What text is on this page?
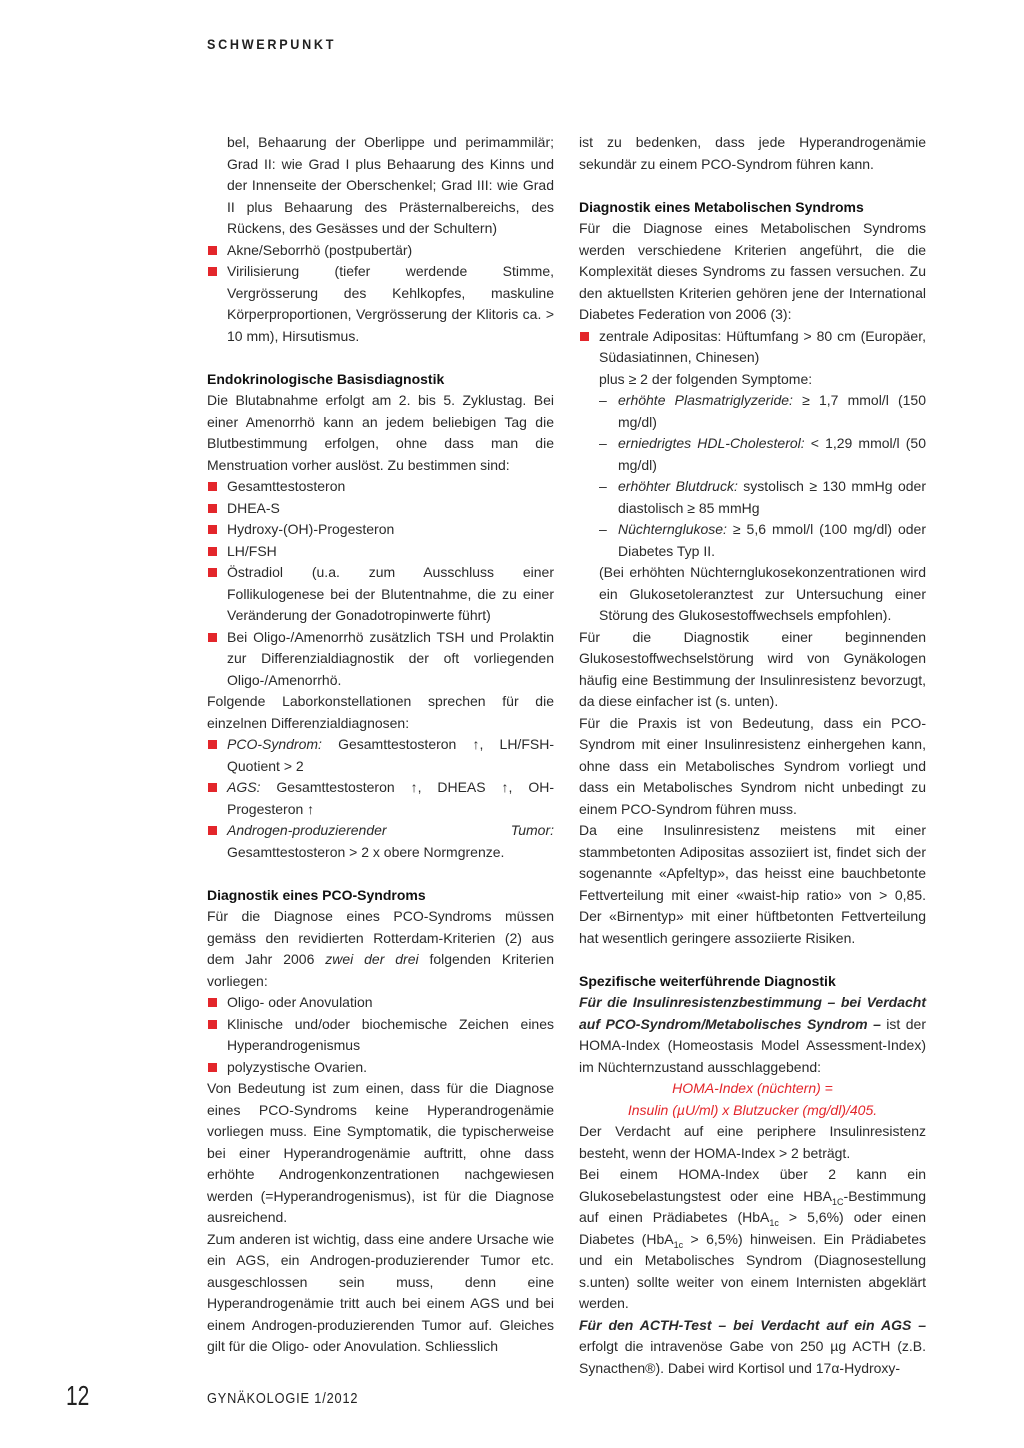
SCHWERPUNKT

bel, Behaarung der Oberlippe und perimammilär; Grad II: wie Grad I plus Behaarung des Kinns und der Innenseite der Oberschenkel; Grad III: wie Grad II plus Behaarung des Prästernalbereichs, des Rückens, des Gesässes und der Schultern)

Akne/Seborrhö (postpubertär)
Virilisierung (tiefer werdende Stimme, Vergrösserung des Kehlkopfes, maskuline Körperproportionen, Vergrösserung der Klitoris ca. > 10 mm), Hirsutismus.
Endokrinologische Basisdiagnostik

Die Blutabnahme erfolgt am 2. bis 5. Zyklustag. Bei einer Amenorrhö kann an jedem beliebigen Tag die Blutbestimmung erfolgen, ohne dass man die Menstruation vorher auslöst. Zu bestimmen sind:

Gesamttestosteron
DHEA-S
Hydroxy-(OH)-Progesteron
LH/FSH
Östradiol (u.a. zum Ausschluss einer Follikulogenese bei der Blutentnahme, die zu einer Veränderung der Gonadotropinwerte führt)
Bei Oligo-/Amenorrhö zusätzlich TSH und Prolaktin zur Differenzialdiagnostik der oft vorliegenden Oligo-/Amenorrhö.

Folgende Laborkonstellationen sprechen für die einzelnen Differenzialdiagnosen:

PCO-Syndrom: Gesamttestosteron ↑, LH/FSH-Quotient > 2
AGS: Gesamttestosteron ↑, DHEAS ↑, OH-Progesteron ↑
Androgen-produzierender Tumor: Gesamttestosteron > 2 x obere Normgrenze.
Diagnostik eines PCO-Syndroms

Für die Diagnose eines PCO-Syndroms müssen gemäss den revidierten Rotterdam-Kriterien (2) aus dem Jahr 2006 zwei der drei folgenden Kriterien vorliegen:

Oligo- oder Anovulation
Klinische und/oder biochemische Zeichen eines Hyperandrogenismus
polyzystische Ovarien.

Von Bedeutung ist zum einen, dass für die Diagnose eines PCO-Syndroms keine Hyperandrogenämie vorliegen muss. Eine Symptomatik, die typischerweise bei einer Hyperandrogenämie auftritt, ohne dass erhöhte Androgenkonzentrationen nachgewiesen werden (=Hyperandrogenismus), ist für die Diagnose ausreichend.

Zum anderen ist wichtig, dass eine andere Ursache wie ein AGS, ein Androgen-produzierender Tumor etc. ausgeschlossen sein muss, denn eine Hyperandrogenämie tritt auch bei einem AGS und bei einem Androgen-produzierenden Tumor auf. Gleiches gilt für die Oligo- oder Anovulation. Schliesslich

ist zu bedenken, dass jede Hyperandrogenämie sekundär zu einem PCO-Syndrom führen kann.

Diagnostik eines Metabolischen Syndroms

Für die Diagnose eines Metabolischen Syndroms werden verschiedene Kriterien angeführt, die die Komplexität dieses Syndroms zu fassen versuchen. Zu den aktuellsten Kriterien gehören jene der International Diabetes Federation von 2006 (3):

zentrale Adipositas: Hüftumfang > 80 cm (Europäer, Südasiatinnen, Chinesen)

plus ≥ 2 der folgenden Symptome:

– erhöhte Plasmatriglyzeride: ≥ 1,7 mmol/l (150 mg/dl)
– erniedrigtes HDL-Cholesterol: < 1,29 mmol/l (50 mg/dl)
– erhöhter Blutdruck: systolisch ≥ 130 mmHg oder diastolisch ≥ 85 mmHg
– Nüchternglukose: ≥ 5,6 mmol/l (100 mg/dl) oder Diabetes Typ II.

(Bei erhöhten Nüchternglukosekonzentrationen wird ein Glukosetoleranztest zur Untersuchung einer Störung des Glukosestoffwechsels empfohlen).

Für die Diagnostik einer beginnenden Glukosestoffwechselstörung wird von Gynäkologen häufig eine Bestimmung der Insulinresistenz bevorzugt, da diese einfacher ist (s. unten).

Für die Praxis ist von Bedeutung, dass ein PCO-Syndrom mit einer Insulinresistenz einhergehen kann, ohne dass ein Metabolisches Syndrom vorliegt und dass ein Metabolisches Syndrom nicht unbedingt zu einem PCO-Syndrom führen muss.

Da eine Insulinresistenz meistens mit einer stammbetonten Adipositas assoziiert ist, findet sich der sogenannte «Apfeltyp», das heisst eine bauchbetonte Fettverteilung mit einer «waist-hip ratio» von > 0,85. Der «Birnentyp» mit einer hüftbetonten Fettverteilung hat wesentlich geringere assoziierte Risiken.

Spezifische weiterführende Diagnostik

Für die Insulinresistenzbestimmung – bei Verdacht auf PCO-Syndrom/Metabolisches Syndrom – ist der HOMA-Index (Homeostasis Model Assessment-Index) im Nüchternzustand ausschlaggebend:

HOMA-Index (nüchtern) =

Insulin (µU/ml) x Blutzucker (mg/dl)/405.

Der Verdacht auf eine periphere Insulinresistenz besteht, wenn der HOMA-Index > 2 beträgt.

Bei einem HOMA-Index über 2 kann ein Glukosebelastungstest oder eine $HBA_{1C}$-Bestimmung auf einen Prädiabetes (HbA$_{1c}$ > 5,6%) oder einen Diabetes (HbA$_{1c}$ > 6,5%) hinweisen. Ein Prädiabetes und ein Metabolisches Syndrom (Diagnosestellung s.unten) sollte weiter von einem Internisten abgeklärt werden.

Für den ACTH-Test – bei Verdacht auf ein AGS – erfolgt die intravenöse Gabe von 250 µg ACTH (z.B. Synacthen®). Dabei wird Kortisol und 17α-Hydroxy-

12	GYNÄKOLOGIE 1/2012
